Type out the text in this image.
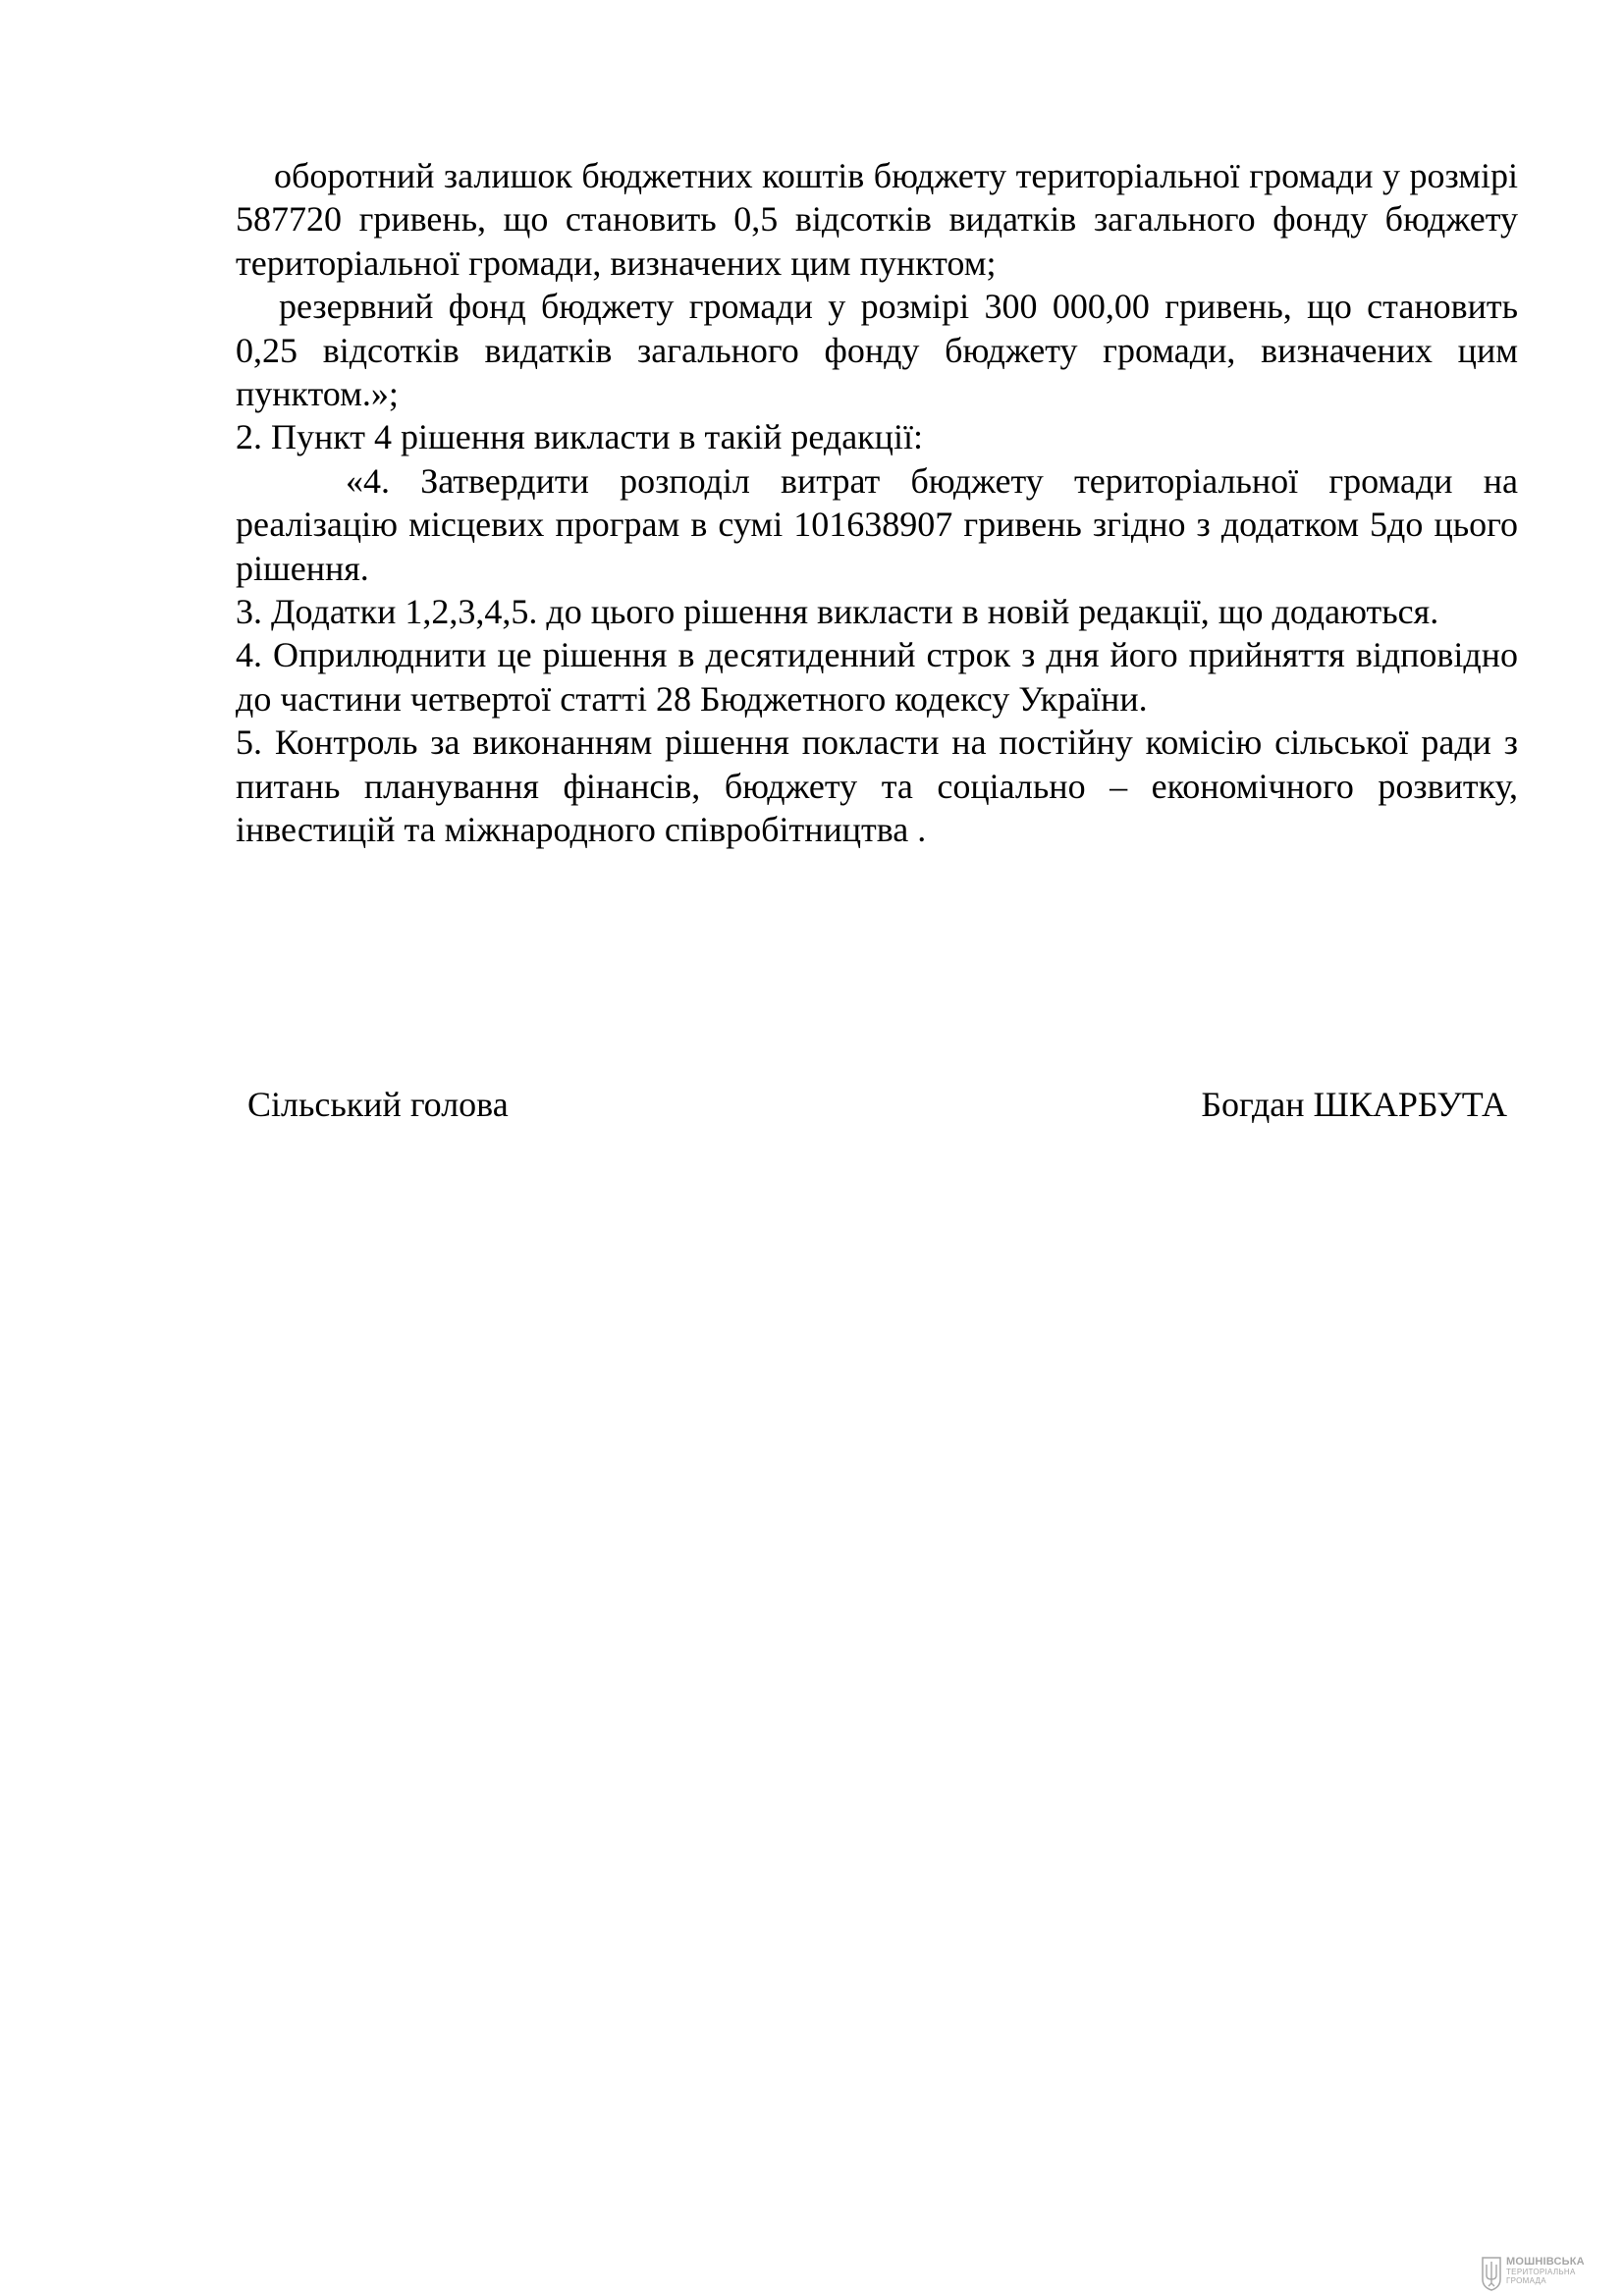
оборотний залишок бюджетних коштів бюджету територіальної громади у розмірі 587720 гривень, що становить 0,5 відсотків видатків загального фонду бюджету територіальної громади, визначених цим пунктом;

резервний фонд бюджету громади у розмірі 300 000,00 гривень, що становить 0,25 відсотків видатків загального фонду бюджету громади, визначених цим пунктом.»;

2. Пункт 4 рішення викласти в такій редакції:

«4. Затвердити розподіл витрат бюджету територіальної громади на реалізацію місцевих програм в сумі 101638907 гривень згідно з додатком 5до цього рішення.

3. Додатки 1,2,3,4,5. до цього рішення викласти в новій редакції, що додаються.

4. Оприлюднити це рішення в десятиденний строк з дня його прийняття відповідно до частини четвертої статті 28 Бюджетного кодексу України.

5. Контроль за виконанням рішення покласти на постійну комісію сільської ради з питань планування фінансів, бюджету та соціально – економічного розвитку, інвестицій та міжнародного співробітництва .

Сільський голова	Богдан ШКАРБУТА
МОШНІВСЬКА
ТЕРИТОРІАЛЬНА
ГРОМАДА
